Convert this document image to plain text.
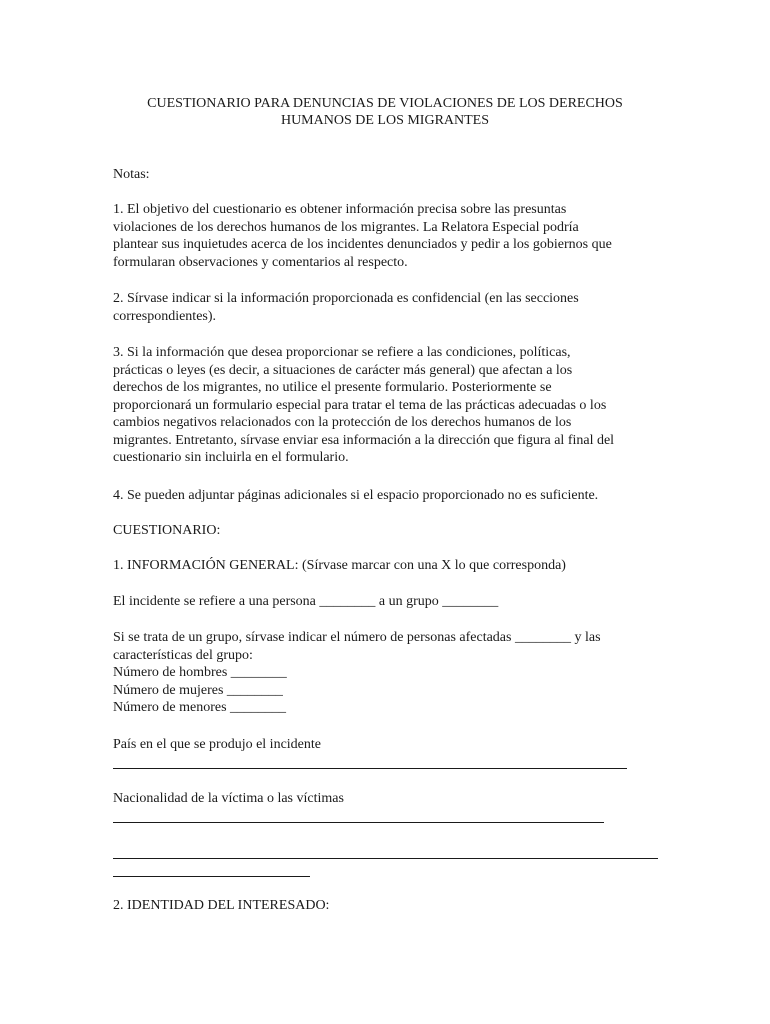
CUESTIONARIO PARA DENUNCIAS DE VIOLACIONES DE LOS DERECHOS
HUMANOS DE LOS MIGRANTES
Notas:
1. El objetivo del cuestionario es obtener información precisa sobre las presuntas
violaciones de los derechos humanos de los migrantes. La Relatora Especial podría
plantear sus inquietudes acerca de los incidentes denunciados y pedir a los gobiernos que
formularan observaciones y comentarios al respecto.
2. Sírvase indicar si la información proporcionada es confidencial (en las secciones
correspondientes).
3. Si la información que desea proporcionar se refiere a las condiciones, políticas,
prácticas o leyes (es decir, a situaciones de carácter más general) que afectan a los
derechos de los migrantes, no utilice el presente formulario. Posteriormente se
proporcionará un formulario especial para tratar el tema de las prácticas adecuadas o los
cambios negativos relacionados con la protección de los derechos humanos de los
migrantes. Entretanto, sírvase enviar esa información a la dirección que figura al final del
cuestionario sin incluirla en el formulario.
4. Se pueden adjuntar páginas adicionales si el espacio proporcionado no es suficiente.
CUESTIONARIO:
1. INFORMACIÓN GENERAL: (Sírvase marcar con una X lo que corresponda)
El incidente se refiere a una persona ________ a un grupo ________
Si se trata de un grupo, sírvase indicar el número de personas afectadas ________ y las
características del grupo:
Número de hombres ________
Número de mujeres ________
Número de menores ________
País en el que se produjo el incidente
Nacionalidad de la víctima o las víctimas
2. IDENTIDAD DEL INTERESADO:
